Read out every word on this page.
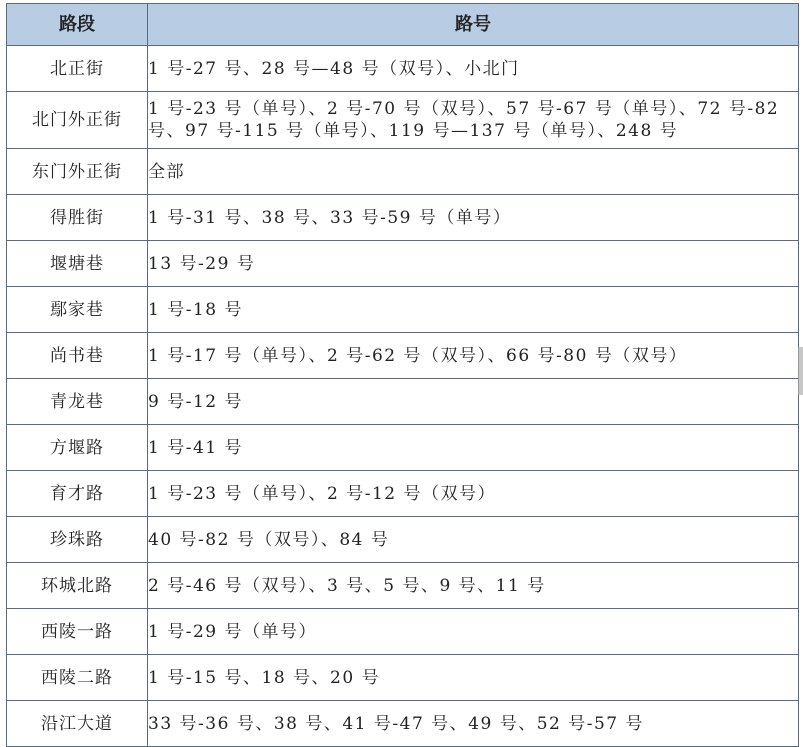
路段	路号
北正街	1 号-27 号、28 号—48 号（双号）、小北门
北门外正街	1 号-23 号（单号）、2 号-70 号（双号）、57 号-67 号（单号）、72 号-82 号、97 号-115 号（单号）、119 号—137 号（单号）、248 号
东门外正街	全部
得胜街	1 号-31 号、38 号、33 号-59 号（单号）
堰塘巷	13 号-29 号
鄢家巷	1 号-18 号
尚书巷	1 号-17 号（单号）、2 号-62 号（双号）、66 号-80 号（双号）
青龙巷	9 号-12 号
方堰路	1 号-41 号
育才路	1 号-23 号（单号）、2 号-12 号（双号）
珍珠路	40 号-82 号（双号）、84 号
环城北路	2 号-46 号（双号）、3 号、5 号、9 号、11 号
西陵一路	1 号-29 号（单号）
西陵二路	1 号-15 号、18 号、20 号
沿江大道	33 号-36 号、38 号、41 号-47 号、49 号、52 号-57 号
